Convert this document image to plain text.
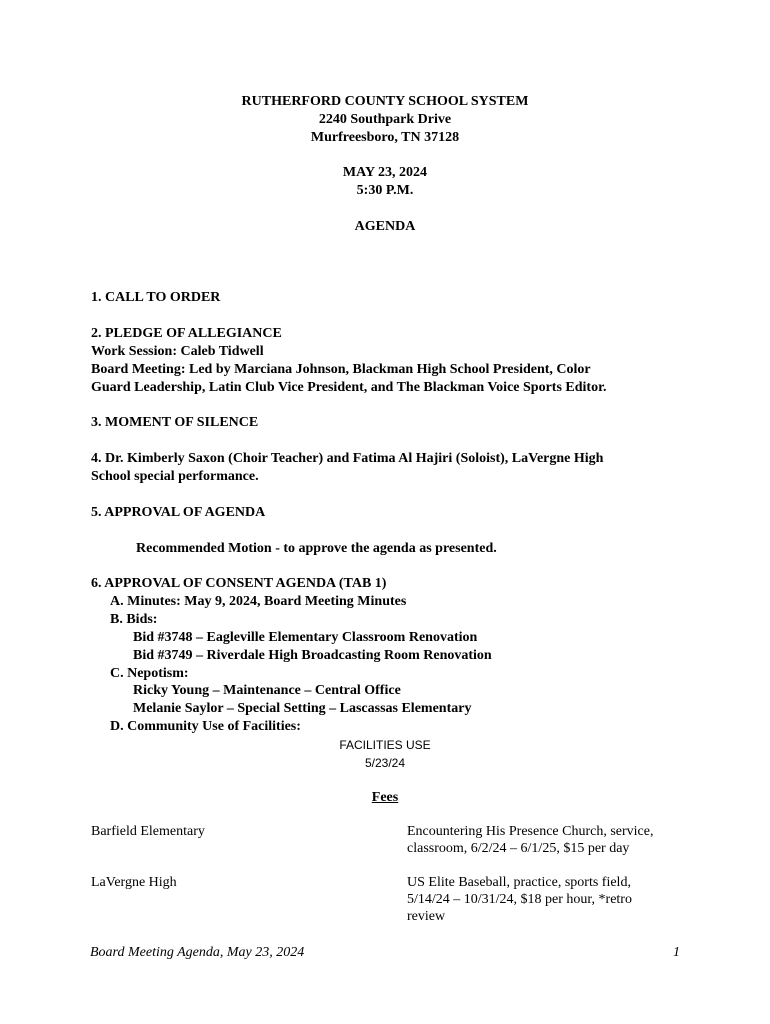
RUTHERFORD COUNTY SCHOOL SYSTEM
2240 Southpark Drive
Murfreesboro, TN 37128
MAY 23, 2024
5:30 P.M.
AGENDA
1. CALL TO ORDER
2. PLEDGE OF ALLEGIANCE
Work Session: Caleb Tidwell
Board Meeting: Led by Marciana Johnson, Blackman High School President, Color
Guard Leadership, Latin Club Vice President, and The Blackman Voice Sports Editor.
3. MOMENT OF SILENCE
4. Dr. Kimberly Saxon (Choir Teacher) and Fatima Al Hajiri (Soloist), LaVergne High
School special performance.
5. APPROVAL OF AGENDA
Recommended Motion - to approve the agenda as presented.
6. APPROVAL OF CONSENT AGENDA (TAB 1)
A. Minutes: May 9, 2024, Board Meeting Minutes
B. Bids:
Bid #3748 – Eagleville Elementary Classroom Renovation
Bid #3749 – Riverdale High Broadcasting Room Renovation
C. Nepotism:
Ricky Young – Maintenance – Central Office
Melanie Saylor – Special Setting – Lascassas Elementary
D. Community Use of Facilities:
FACILITIES USE
5/23/24
Fees
Barfield Elementary	Encountering His Presence Church, service,
classroom, 6/2/24 – 6/1/25, $15 per day
LaVergne High	US Elite Baseball, practice, sports field,
5/14/24 – 10/31/24, $18 per hour, *retro
review
Board Meeting Agenda, May 23, 2024	1
